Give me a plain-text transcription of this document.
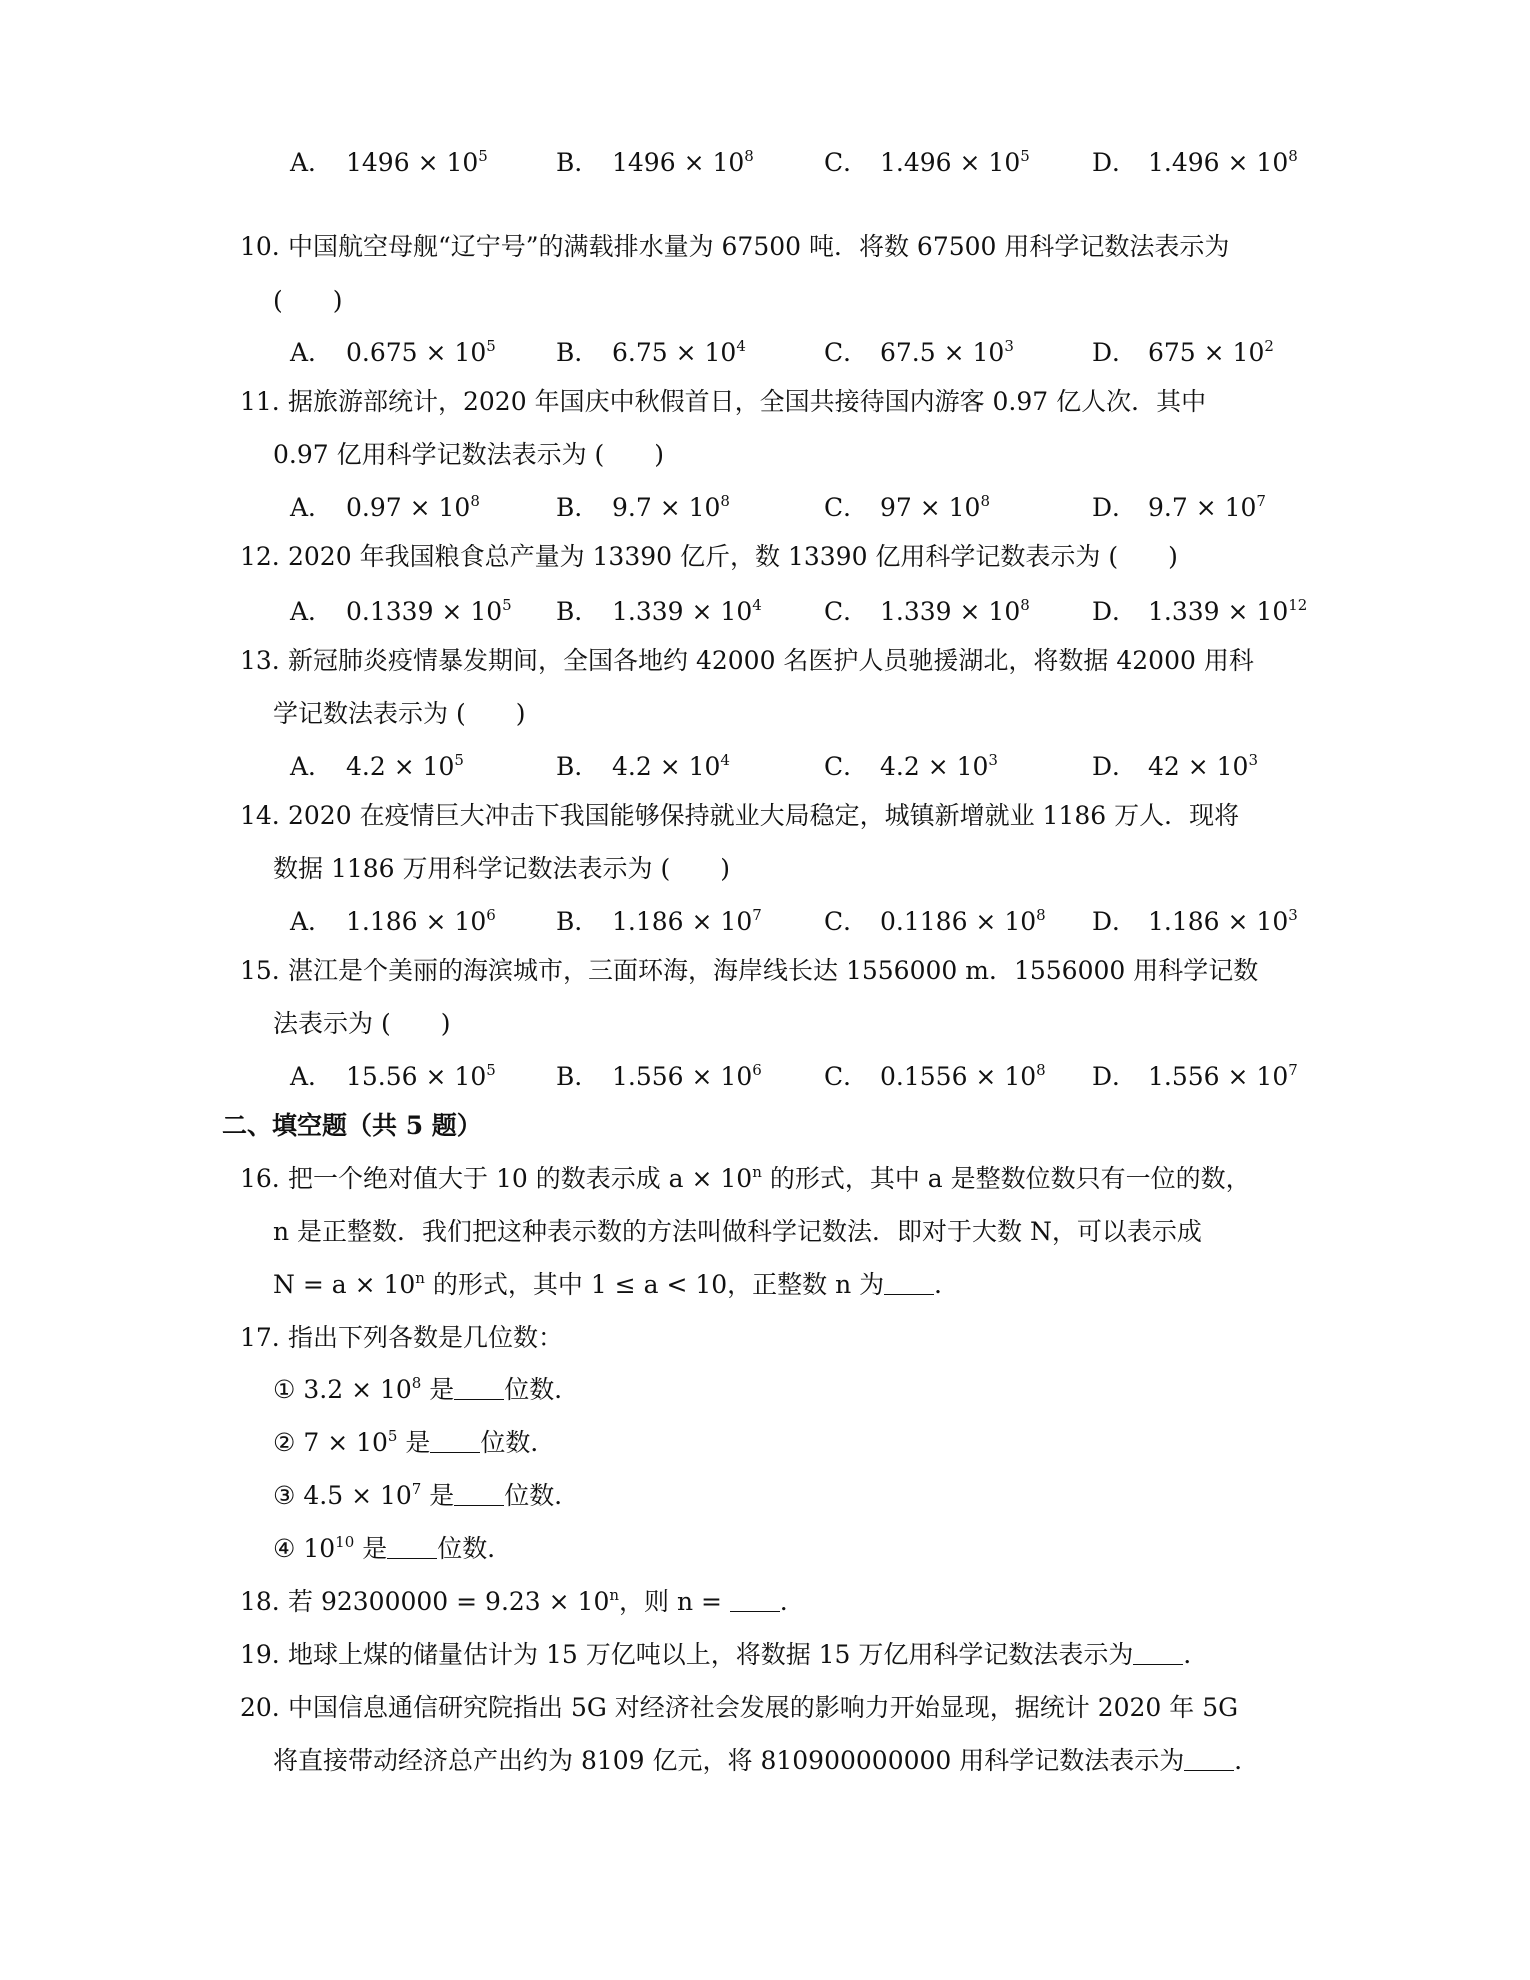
A． $1496 \times 10^5$	B． $1496 \times 10^8$	C． $1.496 \times 10^5$ D． $1.496 \times 10^8$
10. 中国航空母舰“辽宁号”的满载排水量为 67500 吨．将数 67500 用科学记数法表示为
(　　)
A． $0.675 \times 10^5$ B． $6.75 \times 10^4$	C． $67.5 \times 10^3$	D． $675 \times 10^2$
11. 据旅游部统计，2020 年国庆中秋假首日，全国共接待国内游客 0.97 亿人次．其中
0.97 亿用科学记数法表示为 (　　)
A． $0.97 \times 10^8$	B． $9.7 \times 10^8$	C． $97 \times 10^8$	D． $9.7 \times 10^7$
12. 2020 年我国粮食总产量为 13390 亿斤，数 13390 亿用科学记数表示为 (　　)
A． $0.1339 \times 10^5$ B． $1.339 \times 10^4$ C． $1.339 \times 10^8$ D． $1.339 \times 10^{12}$
13. 新冠肺炎疫情暴发期间，全国各地约 42000 名医护人员驰援湖北，将数据 42000 用科
学记数法表示为 (　　)
A． $4.2 \times 10^5$	B． $4.2 \times 10^4$	C． $4.2 \times 10^3$	D． $42 \times 10^3$
14. 2020 在疫情巨大冲击下我国能够保持就业大局稳定，城镇新增就业 1186 万人．现将
数据 1186 万用科学记数法表示为 (　　)
A． $1.186 \times 10^6$ B． $1.186 \times 10^7$ C． $0.1186 \times 10^8$ D． $1.186 \times 10^3$
15. 湛江是个美丽的海滨城市，三面环海，海岸线长达 1556000 m．1556000 用科学记数
法表示为 (　　)
A． $15.56 \times 10^5$ B． $1.556 \times 10^6$ C． $0.1556 \times 10^8$ D． $1.556 \times 10^7$
二、填空题（共 5 题）
16. 把一个绝对值大于 10 的数表示成 $a \times 10^n$ 的形式，其中 a 是整数位数只有一位的数，
n 是正整数．我们把这种表示数的方法叫做科学记数法．即对于大数 N，可以表示成
$N = a \times 10^n$ 的形式，其中 1 ≤ a < 10，正整数 n 为 ．
17. 指出下列各数是几位数：
① $3.2 \times 10^8$ 是 位数．
② $7 \times 10^5$ 是 位数．
③ $4.5 \times 10^7$ 是 位数．
④ $10^{10}$ 是 位数．
18. 若 $92300000 = 9.23 \times 10^n$，则 n = ．
19. 地球上煤的储量估计为 15 万亿吨以上，将数据 15 万亿用科学记数法表示为 ．
20. 中国信息通信研究院指出 5G 对经济社会发展的影响力开始显现，据统计 2020 年 5G
将直接带动经济总产出约为 8109 亿元，将 810900000000 用科学记数法表示为 ．
